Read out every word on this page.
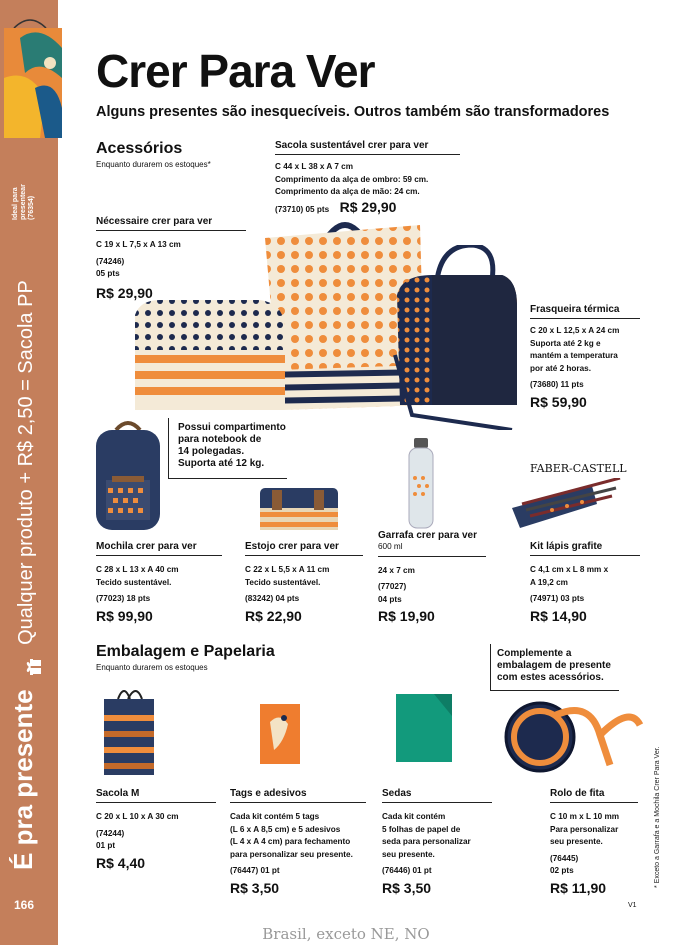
É pra presente  Qualquer produto + R$ 2,50 = Sacola PP
Ideal para presentear (76354)
166
Crer Para Ver
Alguns presentes são inesquecíveis. Outros também são transformadores
Acessórios
Enquanto durarem os estoques*
Sacola sustentável crer para ver
C 44 x L 38 x A 7 cm
Comprimento da alça de ombro: 59 cm.
Comprimento da alça de mão: 24 cm.
(73710) 05 pts R$ 29,90
Nécessaire crer para ver
C 19 x L 7,5 x A 13 cm
(74246)
05 pts
R$ 29,90
Frasqueira térmica
C 20 x L 12,5 x A 24 cm
Suporta até 2 kg e
mantém a temperatura
por até 2 horas.
(73680) 11 pts
R$ 59,90
Possui compartimento
para notebook de
14 polegadas.
Suporta até 12 kg.	FABER-CASTELL
Mochila crer para ver
C 28 x L 13 x A 40 cm
Tecido sustentável.
(77023) 18 pts
R$ 99,90
Estojo crer para ver
C 22 x L 5,5 x A 11 cm
Tecido sustentável.
(83242) 04 pts
R$ 22,90
Garrafa crer para ver
600 ml
24 x 7 cm
(77027)
04 pts
R$ 19,90
Kit lápis grafite
C 4,1 cm x L 8 mm x
A 19,2 cm
(74971) 03 pts
R$ 14,90
Embalagem e Papelaria
Enquanto durarem os estoques
Complemente a
embalagem de presente
com estes acessórios.
Sacola M
C 20 x L 10 x A 30 cm
(74244)
01 pt
R$ 4,40
Tags e adesivos
Cada kit contém 5 tags
(L 6 x A 8,5 cm) e 5 adesivos
(L 4 x A 4 cm) para fechamento
para personalizar seu presente.
(76447) 01 pt
R$ 3,50
Sedas
Cada kit contém
5 folhas de papel de
seda para personalizar
seu presente.
(76446) 01 pt
R$ 3,50
Rolo de fita
C 10 m x L 10 mm
Para personalizar
seu presente.
(76445)
02 pts
R$ 11,90	* Exceto a Garrafa e a Mochila Crer Para Ver.
V1
Brasil, exceto NE, NO
